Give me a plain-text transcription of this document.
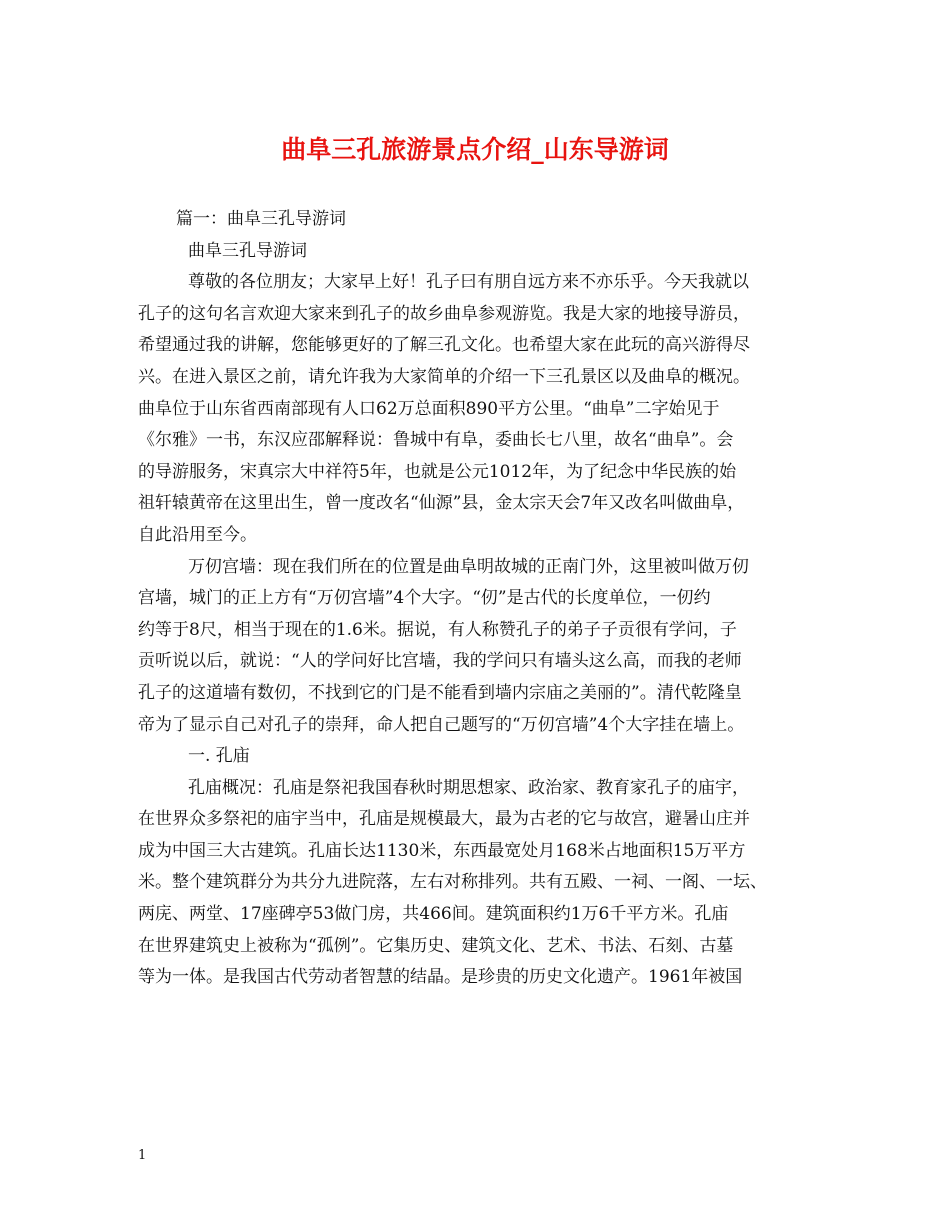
曲阜三孔旅游景点介绍_山东导游词
篇一：曲阜三孔导游词
曲阜三孔导游词
尊敬的各位朋友；大家早上好！孔子曰有朋自远方来不亦乐乎。今天我就以
孔子的这句名言欢迎大家来到孔子的故乡曲阜参观游览。我是大家的地接导游员，
希望通过我的讲解，您能够更好的了解三孔文化。也希望大家在此玩的高兴游得尽
兴。在进入景区之前，请允许我为大家简单的介绍一下三孔景区以及曲阜的概况。
曲阜位于山东省西南部现有人口62万总面积890平方公里。“曲阜”二字始见于
《尔雅》一书，东汉应邵解释说：鲁城中有阜，委曲长七八里，故名“曲阜”。会
的导游服务，宋真宗大中祥符5年，也就是公元1012年，为了纪念中华民族的始
祖轩辕黄帝在这里出生，曾一度改名“仙源”县，金太宗天会7年又改名叫做曲阜，
自此沿用至今。
万仞宫墙：现在我们所在的位置是曲阜明故城的正南门外，这里被叫做万仞
宫墙，城门的正上方有“万仞宫墙”4个大字。“仞”是古代的长度单位，一仞约
约等于8尺，相当于现在的1.6米。据说，有人称赞孔子的弟子子贡很有学问，子
贡听说以后，就说：“人的学问好比宫墙，我的学问只有墙头这么高，而我的老师
孔子的这道墙有数仞，不找到它的门是不能看到墙内宗庙之美丽的”。清代乾隆皇
帝为了显示自己对孔子的崇拜，命人把自己题写的“万仞宫墙”4个大字挂在墙上。
一. 孔庙
孔庙概况：孔庙是祭祀我国春秋时期思想家、政治家、教育家孔子的庙宇，
在世界众多祭祀的庙宇当中，孔庙是规模最大，最为古老的它与故宫，避暑山庄并
成为中国三大古建筑。孔庙长达1130米，东西最宽处月168米占地面积15万平方
米。整个建筑群分为共分九进院落，左右对称排列。共有五殿、一祠、一阁、一坛、
两庑、两堂、17座碑亭53做门房，共466间。建筑面积约1万6千平方米。孔庙
在世界建筑史上被称为“孤例”。它集历史、建筑文化、艺术、书法、石刻、古墓
等为一体。是我国古代劳动者智慧的结晶。是珍贵的历史文化遗产。1961年被国
1
